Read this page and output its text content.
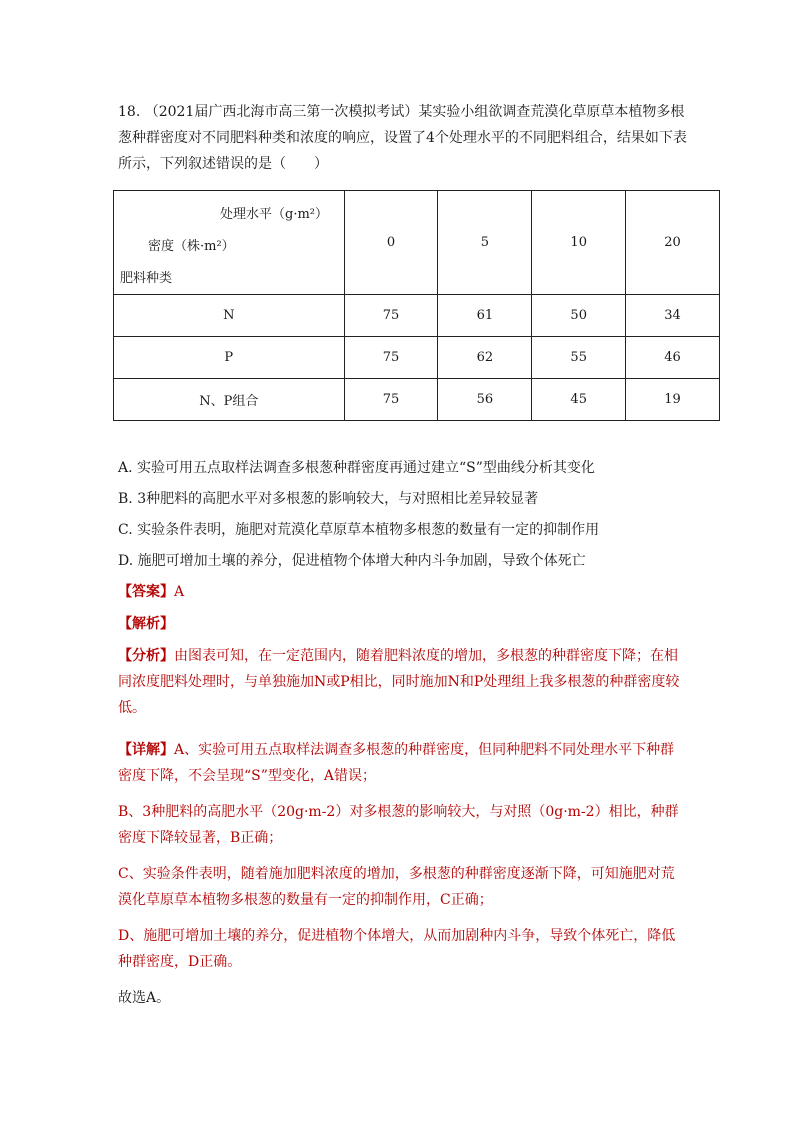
18. （2021届广西北海市高三第一次模拟考试）某实验小组欲调查荒漠化草原草本植物多根葱种群密度对不同肥料种类和浓度的响应，设置了4个处理水平的不同肥料组合，结果如下表所示，下列叙述错误的是（　　）

处理水平（g·m²）
密度（株·m²）
肥料种类	0	5	10	20
N	75	61	50	34
P	75	62	55	46
N、P组合	75	56	45	19

A. 实验可用五点取样法调查多根葱种群密度再通过建立“S”型曲线分析其变化

B. 3种肥料的高肥水平对多根葱的影响较大，与对照相比差异较显著

C. 实验条件表明，施肥对荒漠化草原草本植物多根葱的数量有一定的抑制作用

D. 施肥可增加土壤的养分，促进植物个体增大种内斗争加剧，导致个体死亡

【答案】A

【解析】

【分析】由图表可知，在一定范围内，随着肥料浓度的增加，多根葱的种群密度下降；在相同浓度肥料处理时，与单独施加N或P相比，同时施加N和P处理组上我多根葱的种群密度较低。

【详解】A、实验可用五点取样法调查多根葱的种群密度，但同种肥料不同处理水平下种群密度下降，不会呈现“S”型变化，A错误；

B、3种肥料的高肥水平（20g·m-2）对多根葱的影响较大，与对照（0g·m-2）相比，种群密度下降较显著，B正确；

C、实验条件表明，随着施加肥料浓度的增加，多根葱的种群密度逐渐下降，可知施肥对荒漠化草原草本植物多根葱的数量有一定的抑制作用，C正确；

D、施肥可增加土壤的养分，促进植物个体增大，从而加剧种内斗争，导致个体死亡，降低种群密度，D正确。

故选A。
